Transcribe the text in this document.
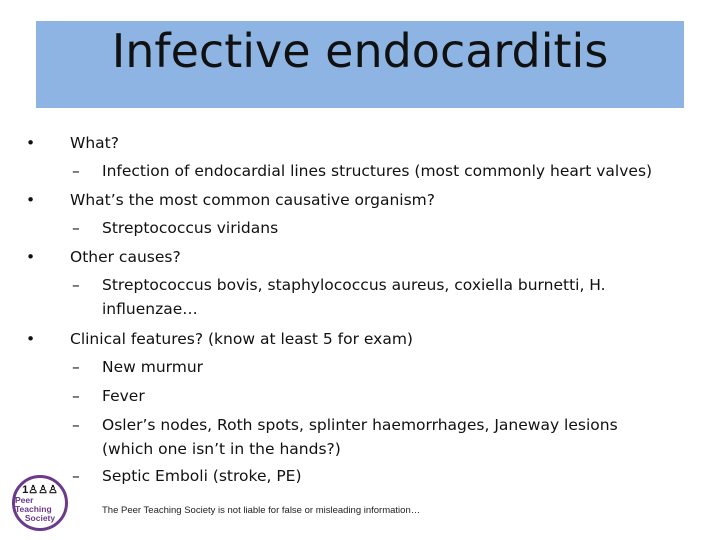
Infective endocarditis
• What?
– Infection of endocardial lines structures (most commonly heart valves)
• What’s the most common causative organism?
– Streptococcus viridans
• Other causes?
– Streptococcus bovis, staphylococcus aureus, coxiella burnetti, H.
influenzae…
• Clinical features? (know at least 5 for exam)
– New murmur
– Fever
– Osler’s nodes, Roth spots, splinter haemorrhages, Janeway lesions
(which one isn’t in the hands?)
– Septic Emboli (stroke, PE)
1♙♙♙
Peer Teaching
Society
The Peer Teaching Society is not liable for false or misleading information…
